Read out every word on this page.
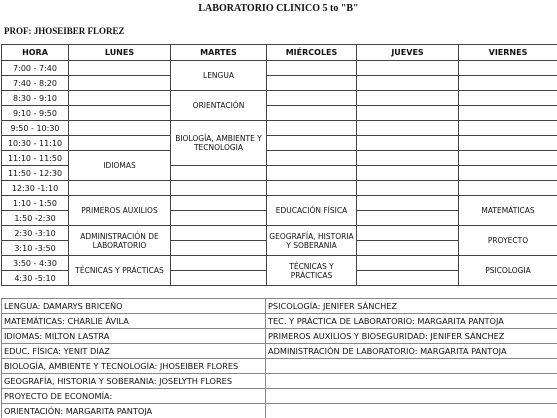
LABORATORIO CLINICO 5 to "B"
PROF: JHOSEIBER FLOREZ
HORA	LUNES	MARTES	MIÉRCOLES	JUEVES	VIERNES
7:00 - 7:40		LENGUA			
7:40 - 8:20					
8:30 - 9:10		ORIENTACIÓN			
9:10 - 9:50					
9:50 - 10:30		BIOLOGÍA, AMBIENTE Y TECNOLOGIA			
10:30 - 11:10					
11:10 - 11:50	IDIOMAS				
11:50 - 12:30					
12:30 -1:10					
1:10 - 1:50	PRIMEROS AUXILIOS		EDUCACIÓN FÍSICA		MATEMÁTICAS
1:50 -2:30					
2:30 -3:10	ADMINISTRACIÓN DE LABORATORIO		GEOGRAFÍA, HISTORIA Y SOBERANIA		PROYECTO
3:10 -3:50					
3:50 - 4:30	TÉCNICAS Y PRÁCTICAS		TÉCNICAS Y PRÁCTICAS		PSICOLOGIA
4:30 -5:10					
LENGUA: DAMARYS BRICEÑO	PSICOLOGÍA: JENIFER SÁNCHEZ
MATEMÁTICAS: CHARLIE ÁVILA	TEC. Y PRÁCTICA DE LABORATORIO: MARGARITA PANTOJA
IDIOMAS: MILTON LASTRA	PRIMEROS AUXILIOS Y BIOSEGURIDAD: JENIFER SÁNCHEZ
EDUC. FÍSICA: YENIT DIAZ	ADMINISTRACIÓN DE LABORATORIO: MARGARITA PANTOJA
BIOLOGÍA, AMBIENTE Y TECNOLOGÍA: JHOSEIBER FLORES	
GEOGRAFÍA, HISTORIA Y SOBERANIA: JOSELYTH FLORES	
PROYECTO DE ECONOMÍA:	
ORIENTACIÓN: MARGARITA PANTOJA	
